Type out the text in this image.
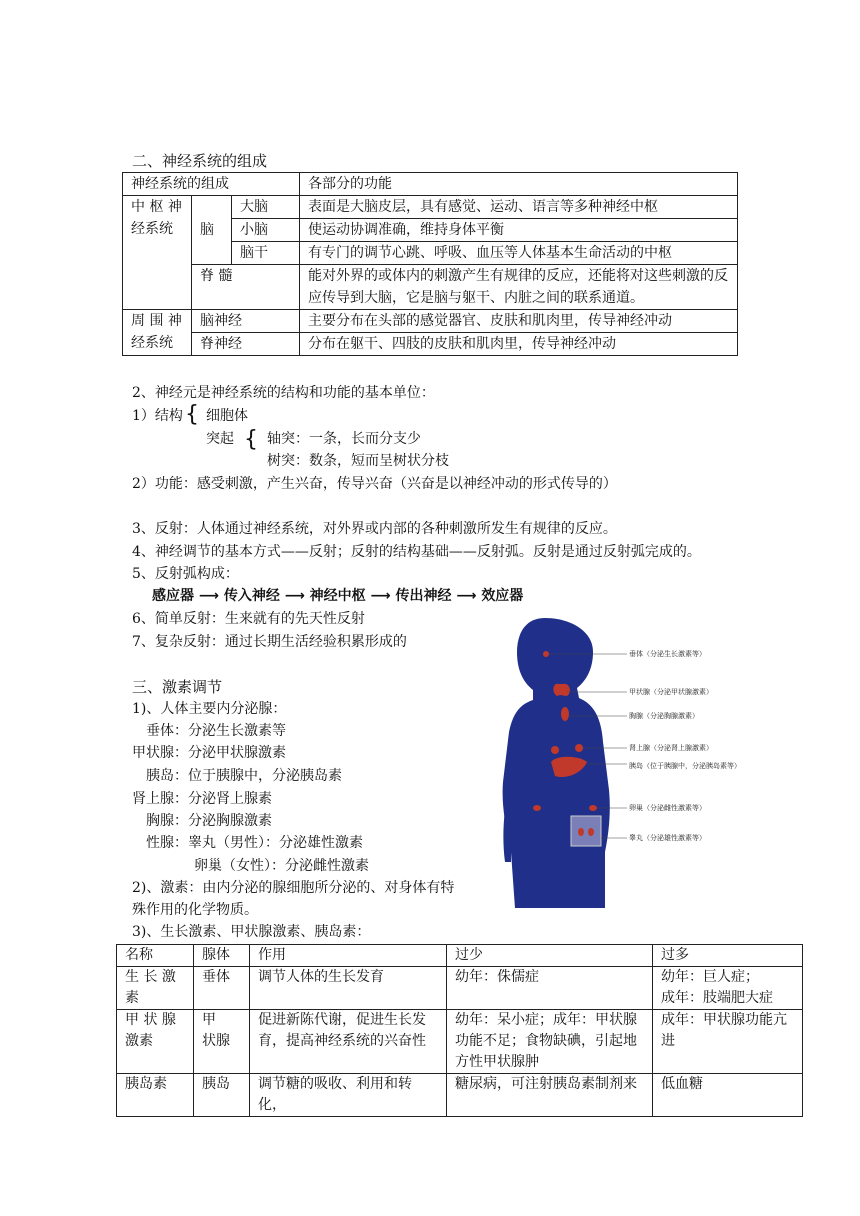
二、神经系统的组成
神经系统的组成			各部分的功能
中 枢 神 经系统	脑	大脑	表面是大脑皮层，具有感觉、运动、语言等多种神经中枢
		小脑	使运动协调准确，维持身体平衡
		脑干	有专门的调节心跳、呼吸、血压等人体基本生命活动的中枢
	脊 髓		能对外界的或体内的刺激产生有规律的反应，还能将对这些刺激的反应传导到大脑，它是脑与躯干、内脏之间的联系通道。
周 围 神 经系统	脑神经		主要分布在头部的感觉器官、皮肤和肌肉里，传导神经冲动
	脊神经		分布在躯干、四肢的皮肤和肌肉里，传导神经冲动
2、神经元是神经系统的结构和功能的基本单位：
1）结构 { 细胞体
突起 { 轴突：一条，长而分支少
树突：数条，短而呈树状分枝
2）功能：感受刺激，产生兴奋，传导兴奋（兴奋是以神经冲动的形式传导的）
3、反射：人体通过神经系统，对外界或内部的各种刺激所发生有规律的反应。
4、神经调节的基本方式——反射；反射的结构基础——反射弧。反射是通过反射弧完成的。
5、反射弧构成：
感应器 ⟶ 传入神经 ⟶ 神经中枢 ⟶ 传出神经 ⟶ 效应器
6、简单反射：生来就有的先天性反射
7、复杂反射：通过长期生活经验积累形成的
三、激素调节
1)、人体主要内分泌腺：
垂体：分泌生长激素等
甲状腺：分泌甲状腺激素
胰岛：位于胰腺中，分泌胰岛素
肾上腺：分泌肾上腺素
胸腺：分泌胸腺激素
性腺：睾丸（男性）：分泌雄性激素
卵巢（女性）：分泌雌性激素
2)、激素：由内分泌的腺细胞所分泌的、对身体有特
殊作用的化学物质。
3)、生长激素、甲状腺激素、胰岛素：
垂体（分泌生长激素等）
甲状腺（分泌甲状腺激素）
胸腺（分泌胸腺激素）
肾上腺（分泌肾上腺激素）
胰岛（位于胰腺中，分泌胰岛素等）
卵巢（分泌雌性激素等）
睾丸（分泌雄性激素等）
名称	腺体	作用	过少	过多
生 长 激素	垂体	调节人体的生长发育	幼年：侏儒症	幼年：巨人症；
成年：肢端肥大症

甲 状 腺激素	甲　状腺	促进新陈代谢，促进生长发育，提高神经系统的兴奋性	幼年：呆小症；成年：甲状腺功能不足；食物缺碘，引起地方性甲状腺肿	成年：甲状腺功能亢进
胰岛素	胰岛	调节糖的吸收、利用和转化，	糖尿病，可注射胰岛素制剂来	低血糖
